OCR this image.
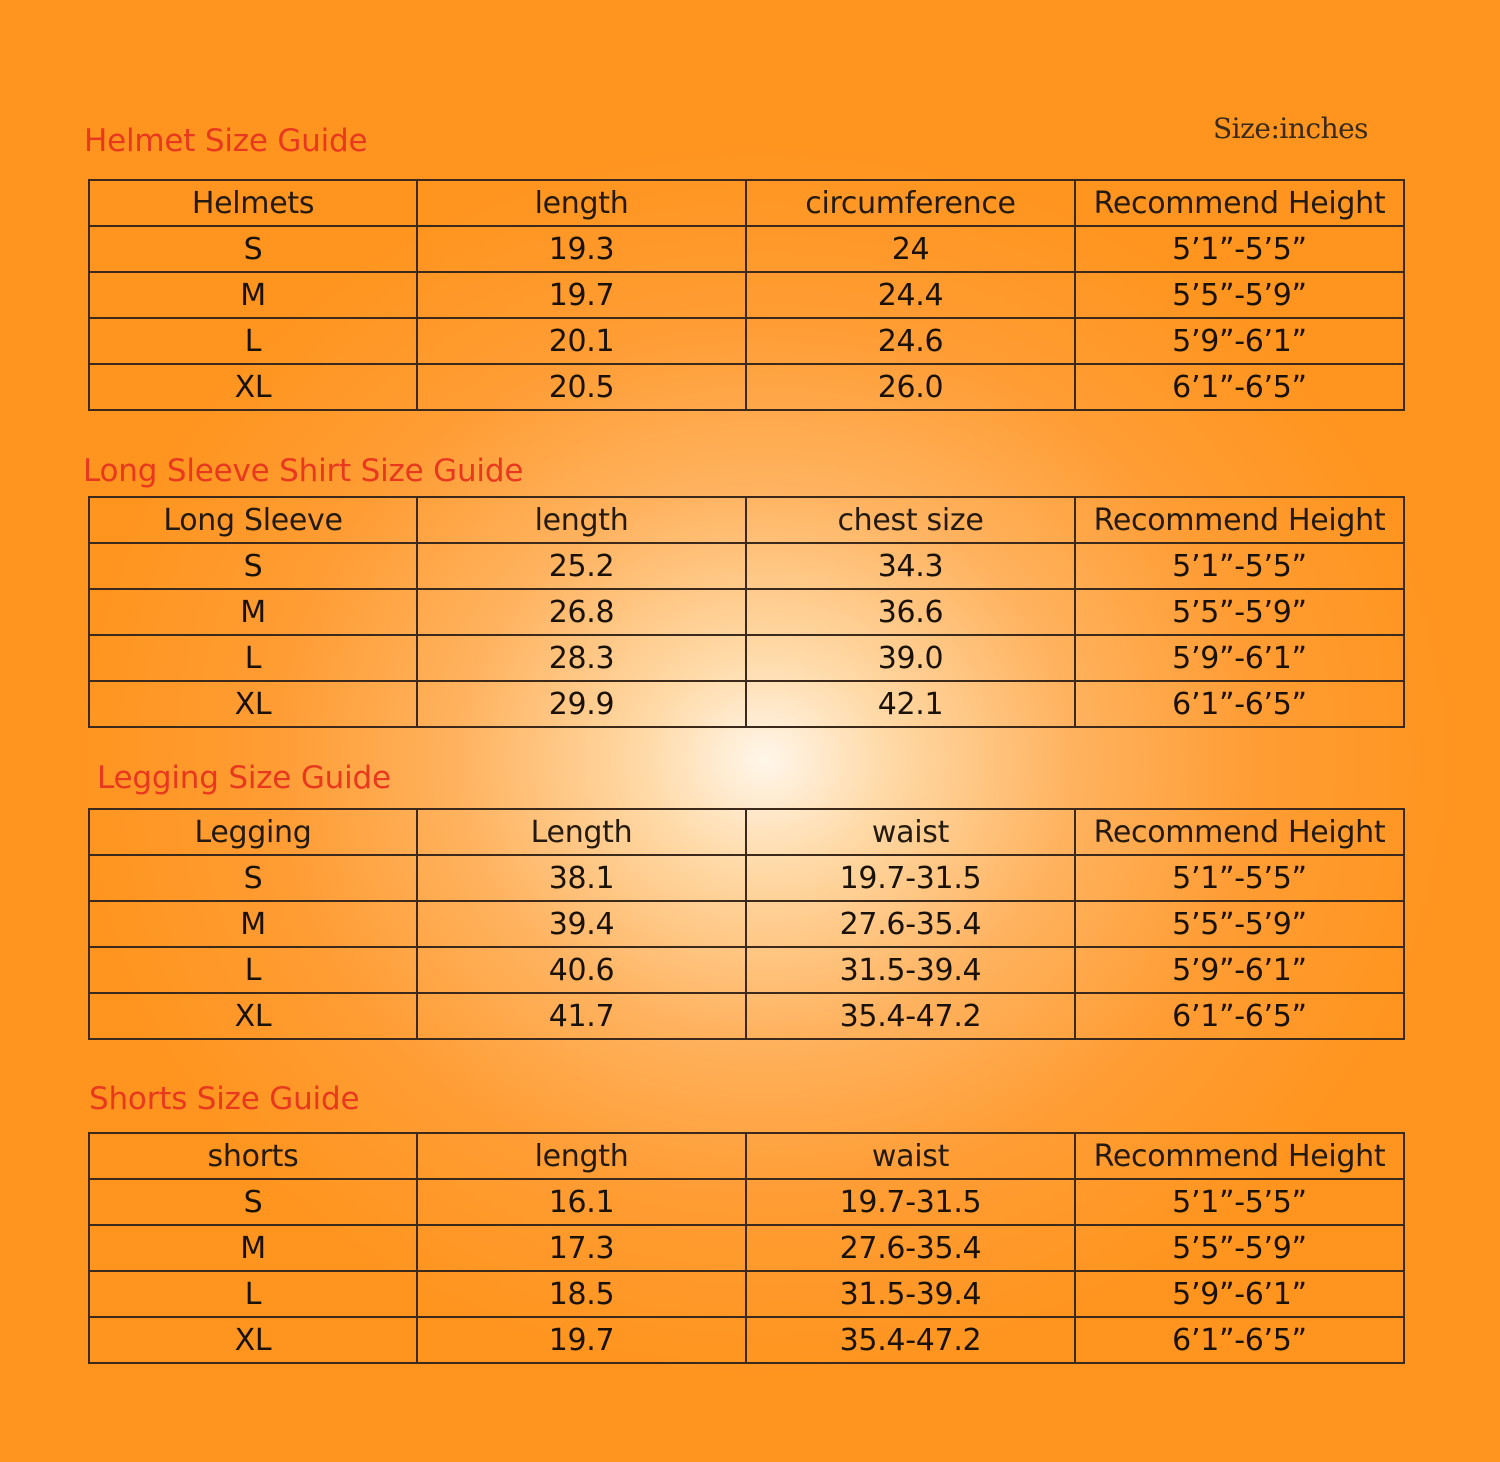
Size:inches
Helmet Size Guide
Helmets	length	circumference	Recommend Height
S	19.3	24	5’1”-5’5”
M	19.7	24.4	5’5”-5’9”
L	20.1	24.6	5’9”-6’1”
XL	20.5	26.0	6’1”-6’5”
Long Sleeve Shirt Size Guide
Long Sleeve	length	chest size	Recommend Height
S	25.2	34.3	5’1”-5’5”
M	26.8	36.6	5’5”-5’9”
L	28.3	39.0	5’9”-6’1”
XL	29.9	42.1	6’1”-6’5”
Legging Size Guide
Legging	Length	waist	Recommend Height
S	38.1	19.7-31.5	5’1”-5’5”
M	39.4	27.6-35.4	5’5”-5’9”
L	40.6	31.5-39.4	5’9”-6’1”
XL	41.7	35.4-47.2	6’1”-6’5”
Shorts Size Guide
shorts	length	waist	Recommend Height
S	16.1	19.7-31.5	5’1”-5’5”
M	17.3	27.6-35.4	5’5”-5’9”
L	18.5	31.5-39.4	5’9”-6’1”
XL	19.7	35.4-47.2	6’1”-6’5”
